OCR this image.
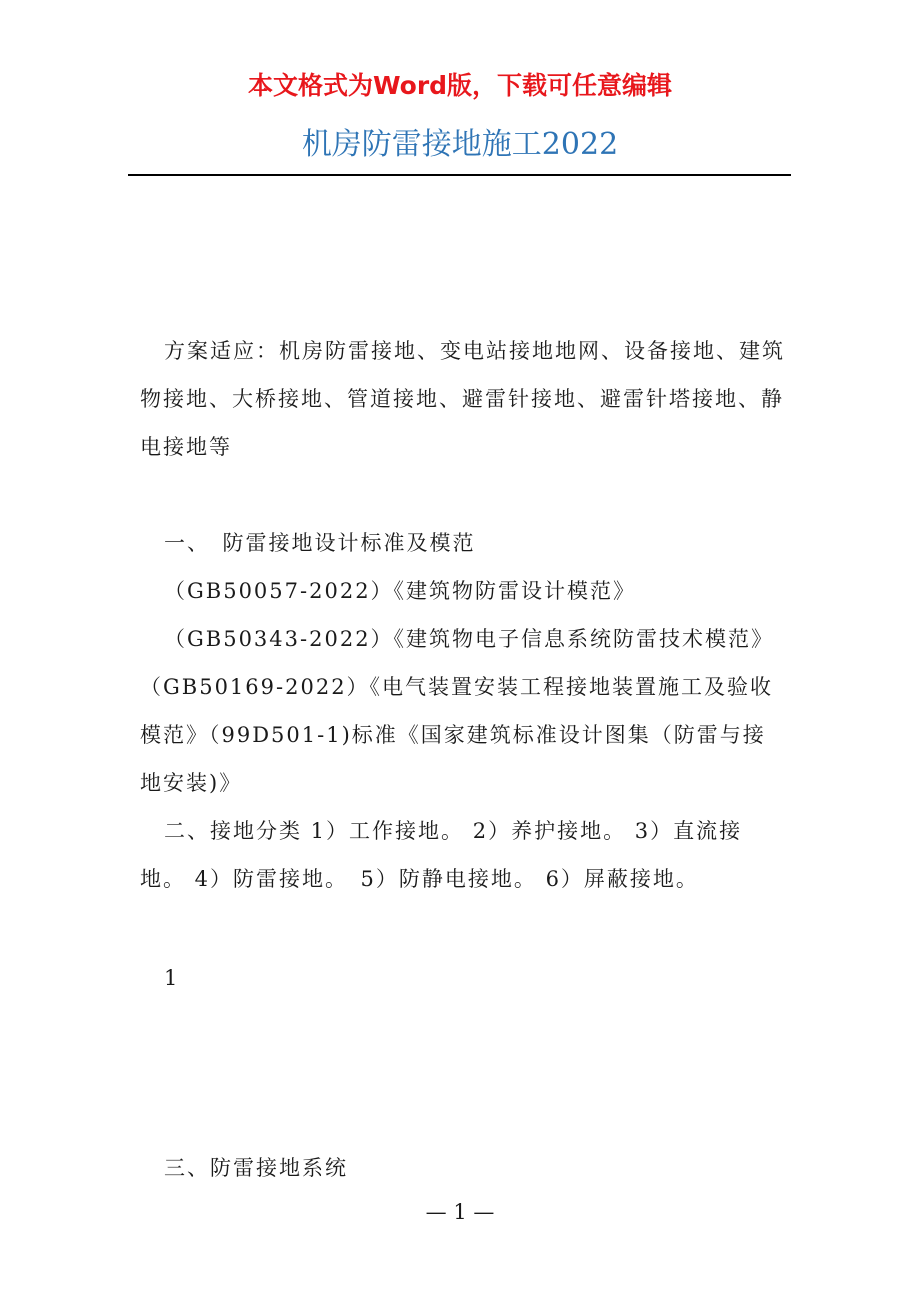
本文格式为Word版，下载可任意编辑
机房防雷接地施工2022

方案适应：机房防雷接地、变电站接地地网、设备接地、建筑物接地、大桥接地、管道接地、避雷针接地、避雷针塔接地、静电接地等

一、　防雷接地设计标准及模范

（GB50057-2022）《建筑物防雷设计模范》

（GB50343-2022）《建筑物电子信息系统防雷技术模范》

（GB50169-2022）《电气装置安装工程接地装置施工及验收模范》（99D501-1)标准《国家建筑标准设计图集（防雷与接地安装)》

二、接地分类 1）工作接地。 2）养护接地。 3）直流接地。 4）防雷接地。　5）防静电接地。 6）屏蔽接地。

1

三、防雷接地系统

— 1 —
